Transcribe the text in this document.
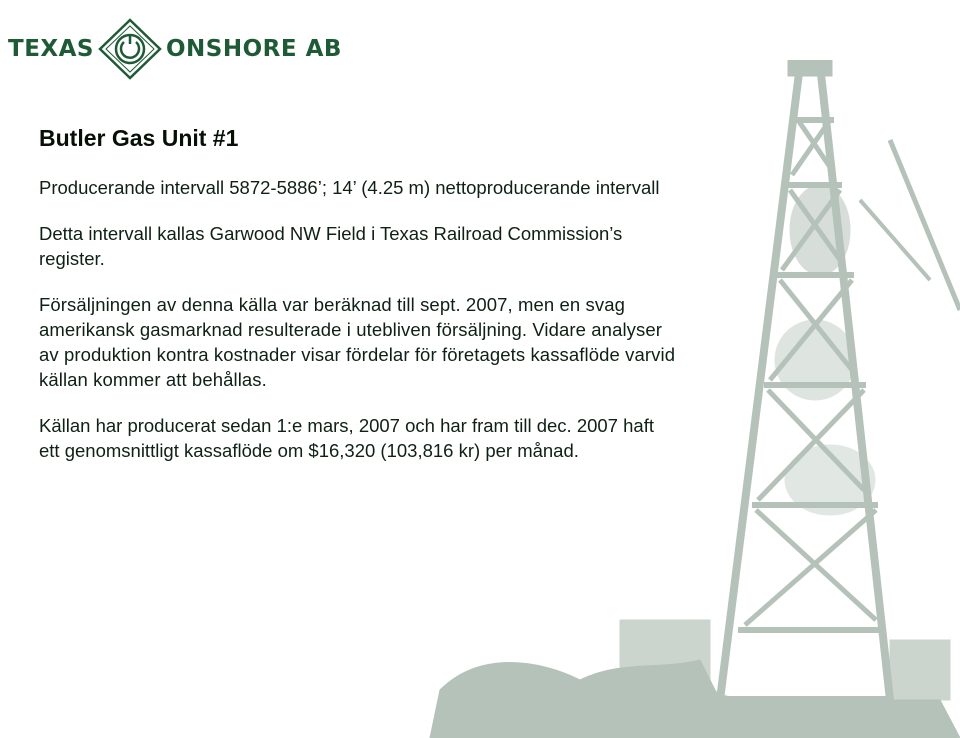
TEXAS	ONSHORE AB
Butler Gas Unit #1

Producerande intervall 5872-5886’; 14’ (4.25 m) nettoproducerande intervall

Detta intervall kallas Garwood NW Field i Texas Railroad Commission’s register.

Försäljningen av denna källa var beräknad till sept. 2007, men en svag amerikansk gasmarknad resulterade i utebliven försäljning. Vidare analyser av produktion kontra kostnader visar fördelar för företagets kassaflöde varvid källan kommer att behållas.

Källan har producerat sedan 1:e mars, 2007 och har fram till dec. 2007 haft ett genomsnittligt kassaflöde om $16,320 (103,816 kr) per månad.
